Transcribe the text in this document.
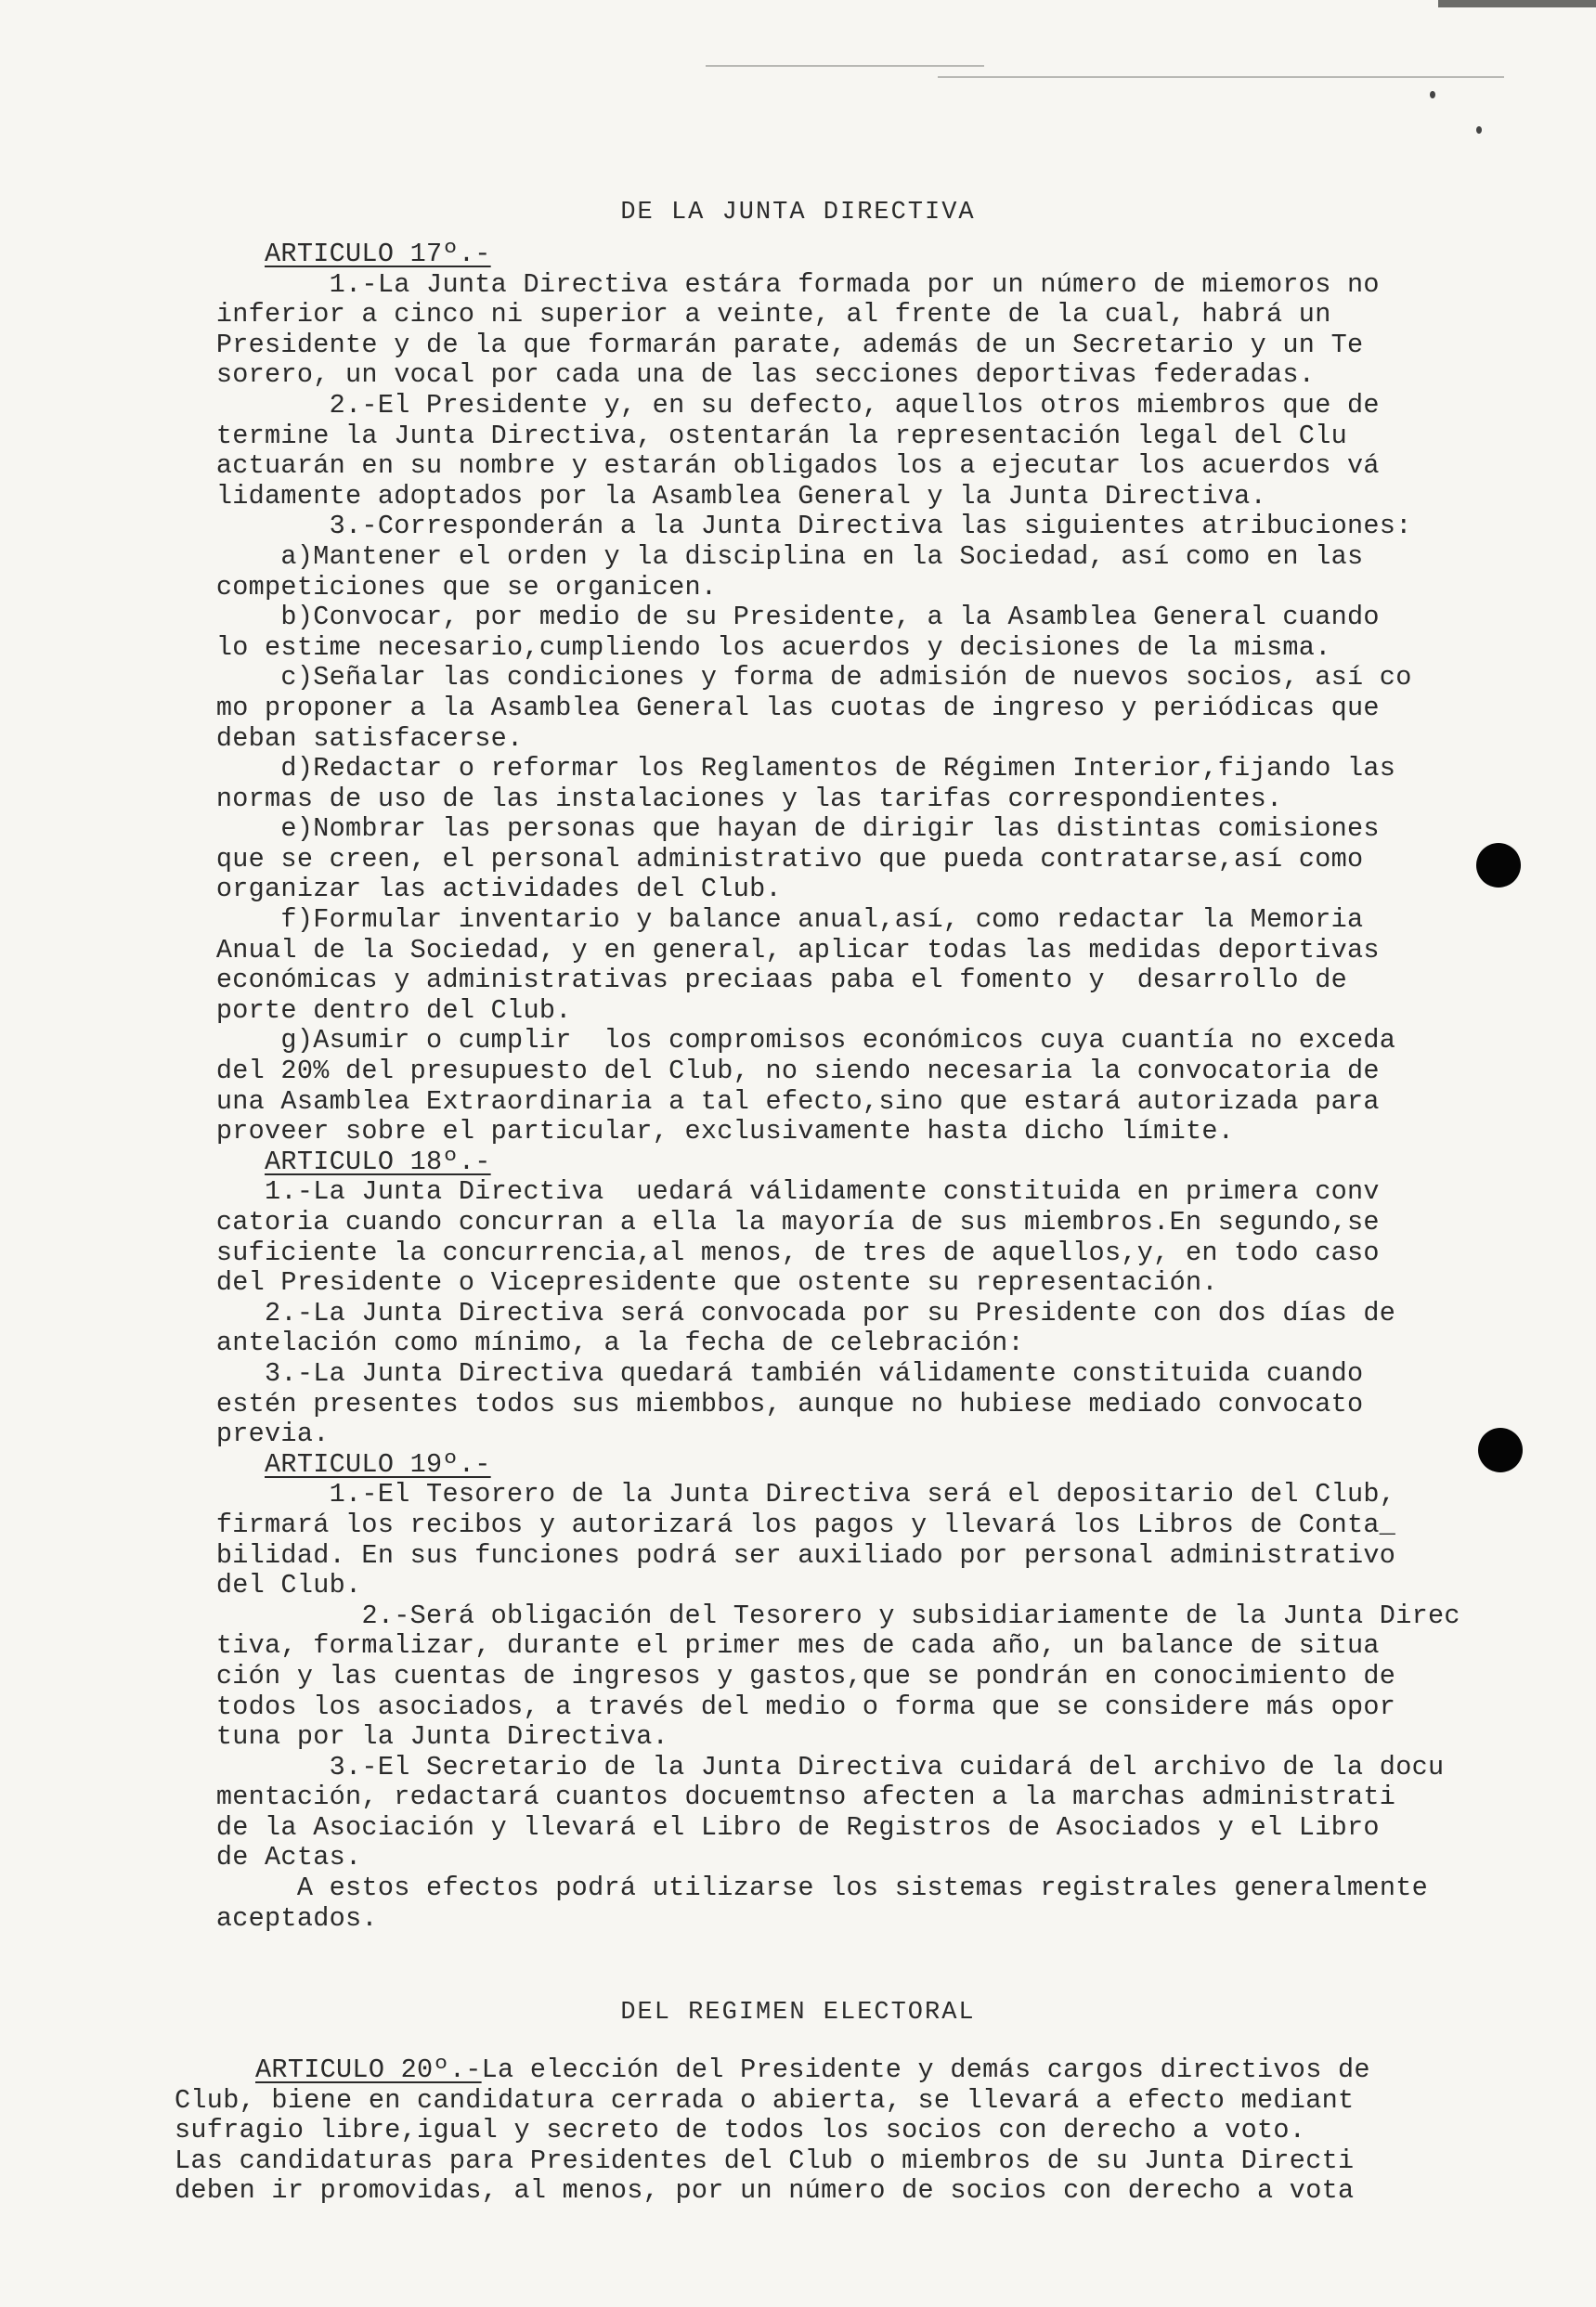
DE LA JUNTA DIRECTIVA
ARTICULO 17º.-
1.-La Junta Directiva estára formada por un número de miemoros no
inferior a cinco ni superior a veinte, al frente de la cual, habrá un
Presidente y de la que formarán parate, además de un Secretario y un Te
sorero, un vocal por cada una de las secciones deportivas federadas.
2.-El Presidente y, en su defecto, aquellos otros miembros que de
termine la Junta Directiva, ostentarán la representación legal del Clu
actuarán en su nombre y estarán obligados los a ejecutar los acuerdos vá
lidamente adoptados por la Asamblea General y la Junta Directiva.
3.-Corresponderán a la Junta Directiva las siguientes atribuciones:
a)Mantener el orden y la disciplina en la Sociedad, así como en las
competiciones que se organicen.
b)Convocar, por medio de su Presidente, a la Asamblea General cuando
lo estime necesario,cumpliendo los acuerdos y decisiones de la misma.
c)Señalar las condiciones y forma de admisión de nuevos socios, así co
mo proponer a la Asamblea General las cuotas de ingreso y periódicas que
deban satisfacerse.
d)Redactar o reformar los Reglamentos de Régimen Interior,fijando las
normas de uso de las instalaciones y las tarifas correspondientes.
e)Nombrar las personas que hayan de dirigir las distintas comisiones
que se creen, el personal administrativo que pueda contratarse,así como
organizar las actividades del Club.
f)Formular inventario y balance anual,así, como redactar la Memoria
Anual de la Sociedad, y en general, aplicar todas las medidas deportivas
económicas y administrativas preciaas paba el fomento y  desarrollo de
porte dentro del Club.
g)Asumir o cumplir  los compromisos económicos cuya cuantía no exceda
del 20% del presupuesto del Club, no siendo necesaria la convocatoria de
una Asamblea Extraordinaria a tal efecto,sino que estará autorizada para
proveer sobre el particular, exclusivamente hasta dicho límite.
ARTICULO 18º.-
1.-La Junta Directiva  uedará válidamente constituida en primera conv
catoria cuando concurran a ella la mayoría de sus miembros.En segundo,se
suficiente la concurrencia,al menos, de tres de aquellos,y, en todo caso
del Presidente o Vicepresidente que ostente su representación.
2.-La Junta Directiva será convocada por su Presidente con dos días de
antelación como mínimo, a la fecha de celebración:
3.-La Junta Directiva quedará también válidamente constituida cuando
estén presentes todos sus miembbos, aunque no hubiese mediado convocato
previa.
ARTICULO 19º.-
1.-El Tesorero de la Junta Directiva será el depositario del Club,
firmará los recibos y autorizará los pagos y llevará los Libros de Conta_
bilidad. En sus funciones podrá ser auxiliado por personal administrativo
del Club.
2.-Será obligación del Tesorero y subsidiariamente de la Junta Direc
tiva, formalizar, durante el primer mes de cada año, un balance de situa
ción y las cuentas de ingresos y gastos,que se pondrán en conocimiento de
todos los asociados, a través del medio o forma que se considere más opor
tuna por la Junta Directiva.
3.-El Secretario de la Junta Directiva cuidará del archivo de la docu
mentación, redactará cuantos docuemtnso afecten a la marchas administrati
de la Asociación y llevará el Libro de Registros de Asociados y el Libro
de Actas.
A estos efectos podrá utilizarse los sistemas registrales generalmente
aceptados.
DEL REGIMEN ELECTORAL
ARTICULO 20º.-La elección del Presidente y demás cargos directivos de
Club, biene en candidatura cerrada o abierta, se llevará a efecto mediant
sufragio libre,igual y secreto de todos los socios con derecho a voto.
Las candidaturas para Presidentes del Club o miembros de su Junta Directi
deben ir promovidas, al menos, por un número de socios con derecho a vota
